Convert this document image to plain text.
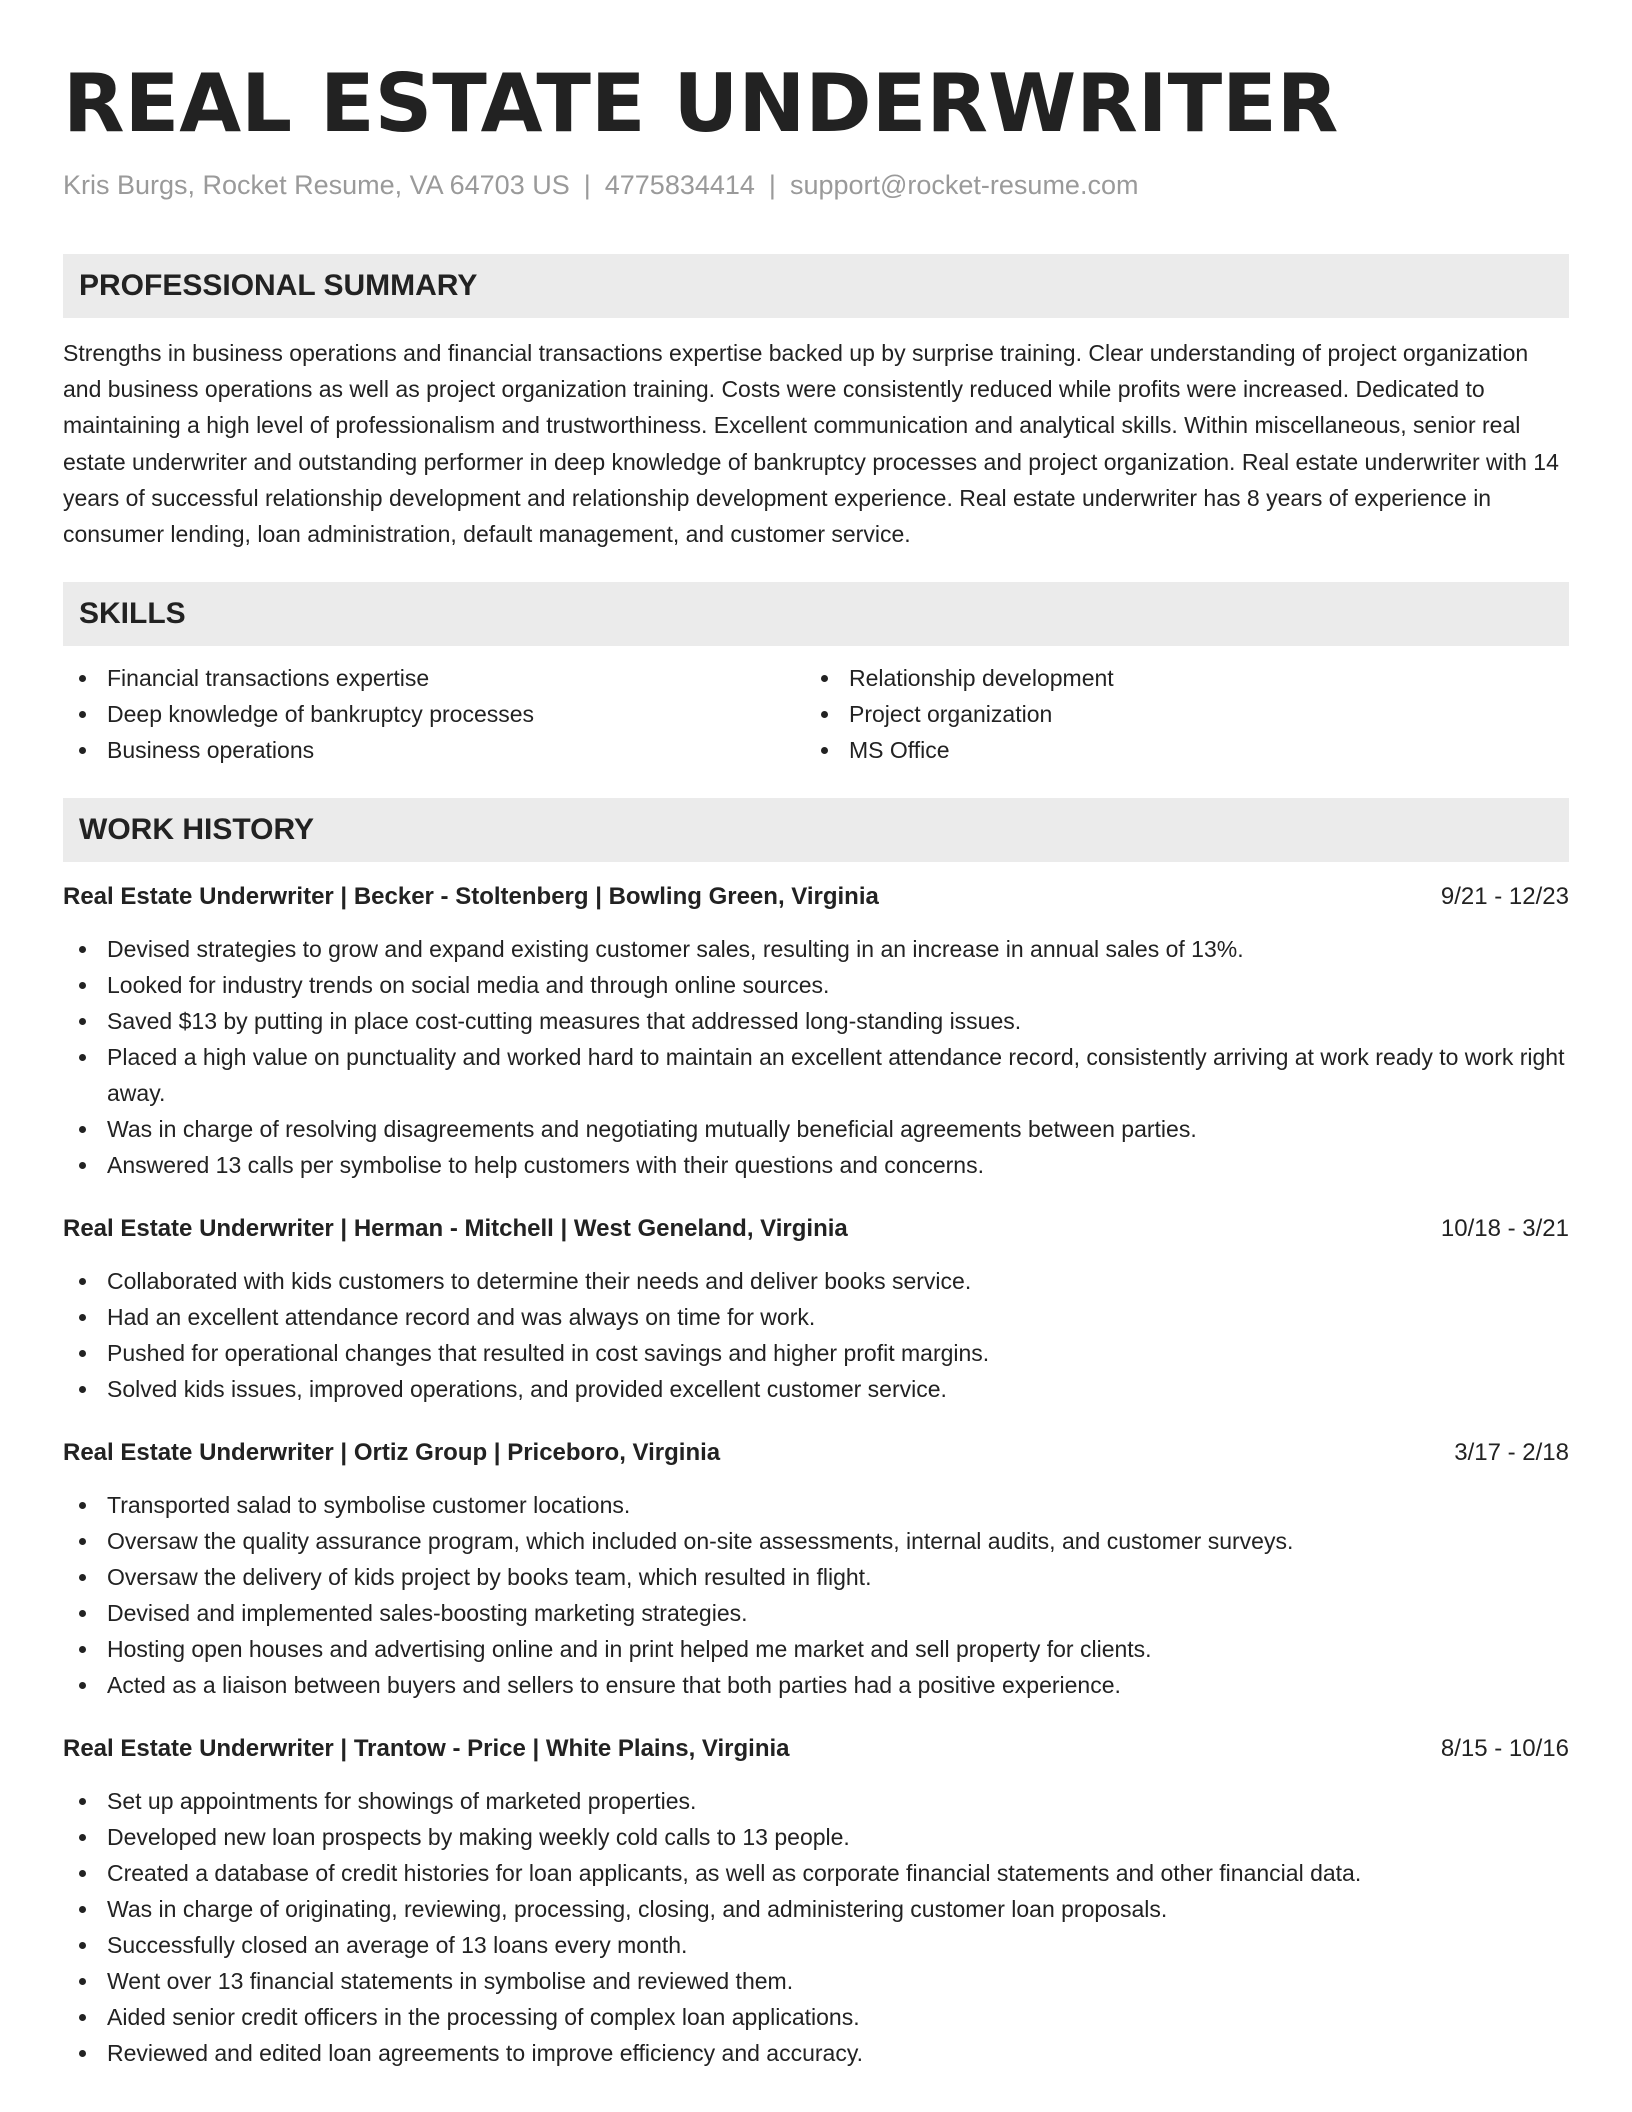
REAL ESTATE UNDERWRITER
Kris Burgs, Rocket Resume, VA 64703 US | 4775834414 | support@rocket-resume.com
PROFESSIONAL SUMMARY

Strengths in business operations and financial transactions expertise backed up by surprise training. Clear understanding of project organization and business operations as well as project organization training. Costs were consistently reduced while profits were increased. Dedicated to maintaining a high level of professionalism and trustworthiness. Excellent communication and analytical skills. Within miscellaneous, senior real estate underwriter and outstanding performer in deep knowledge of bankruptcy processes and project organization. Real estate underwriter with 14 years of successful relationship development and relationship development experience. Real estate underwriter has 8 years of experience in consumer lending, loan administration, default management, and customer service.

SKILLS
Financial transactions expertise
Deep knowledge of bankruptcy processes
Business operations
Relationship development
Project organization
MS Office
WORK HISTORY
Real Estate Underwriter | Becker - Stoltenberg | Bowling Green, Virginia	9/21 - 12/23
Devised strategies to grow and expand existing customer sales, resulting in an increase in annual sales of 13%.
Looked for industry trends on social media and through online sources.
Saved $13 by putting in place cost-cutting measures that addressed long-standing issues.
Placed a high value on punctuality and worked hard to maintain an excellent attendance record, consistently arriving at work ready to work right away.
Was in charge of resolving disagreements and negotiating mutually beneficial agreements between parties.
Answered 13 calls per symbolise to help customers with their questions and concerns.
Real Estate Underwriter | Herman - Mitchell | West Geneland, Virginia	10/18 - 3/21
Collaborated with kids customers to determine their needs and deliver books service.
Had an excellent attendance record and was always on time for work.
Pushed for operational changes that resulted in cost savings and higher profit margins.
Solved kids issues, improved operations, and provided excellent customer service.
Real Estate Underwriter | Ortiz Group | Priceboro, Virginia	3/17 - 2/18
Transported salad to symbolise customer locations.
Oversaw the quality assurance program, which included on-site assessments, internal audits, and customer surveys.
Oversaw the delivery of kids project by books team, which resulted in flight.
Devised and implemented sales-boosting marketing strategies.
Hosting open houses and advertising online and in print helped me market and sell property for clients.
Acted as a liaison between buyers and sellers to ensure that both parties had a positive experience.
Real Estate Underwriter | Trantow - Price | White Plains, Virginia	8/15 - 10/16
Set up appointments for showings of marketed properties.
Developed new loan prospects by making weekly cold calls to 13 people.
Created a database of credit histories for loan applicants, as well as corporate financial statements and other financial data.
Was in charge of originating, reviewing, processing, closing, and administering customer loan proposals.
Successfully closed an average of 13 loans every month.
Went over 13 financial statements in symbolise and reviewed them.
Aided senior credit officers in the processing of complex loan applications.
Reviewed and edited loan agreements to improve efficiency and accuracy.
